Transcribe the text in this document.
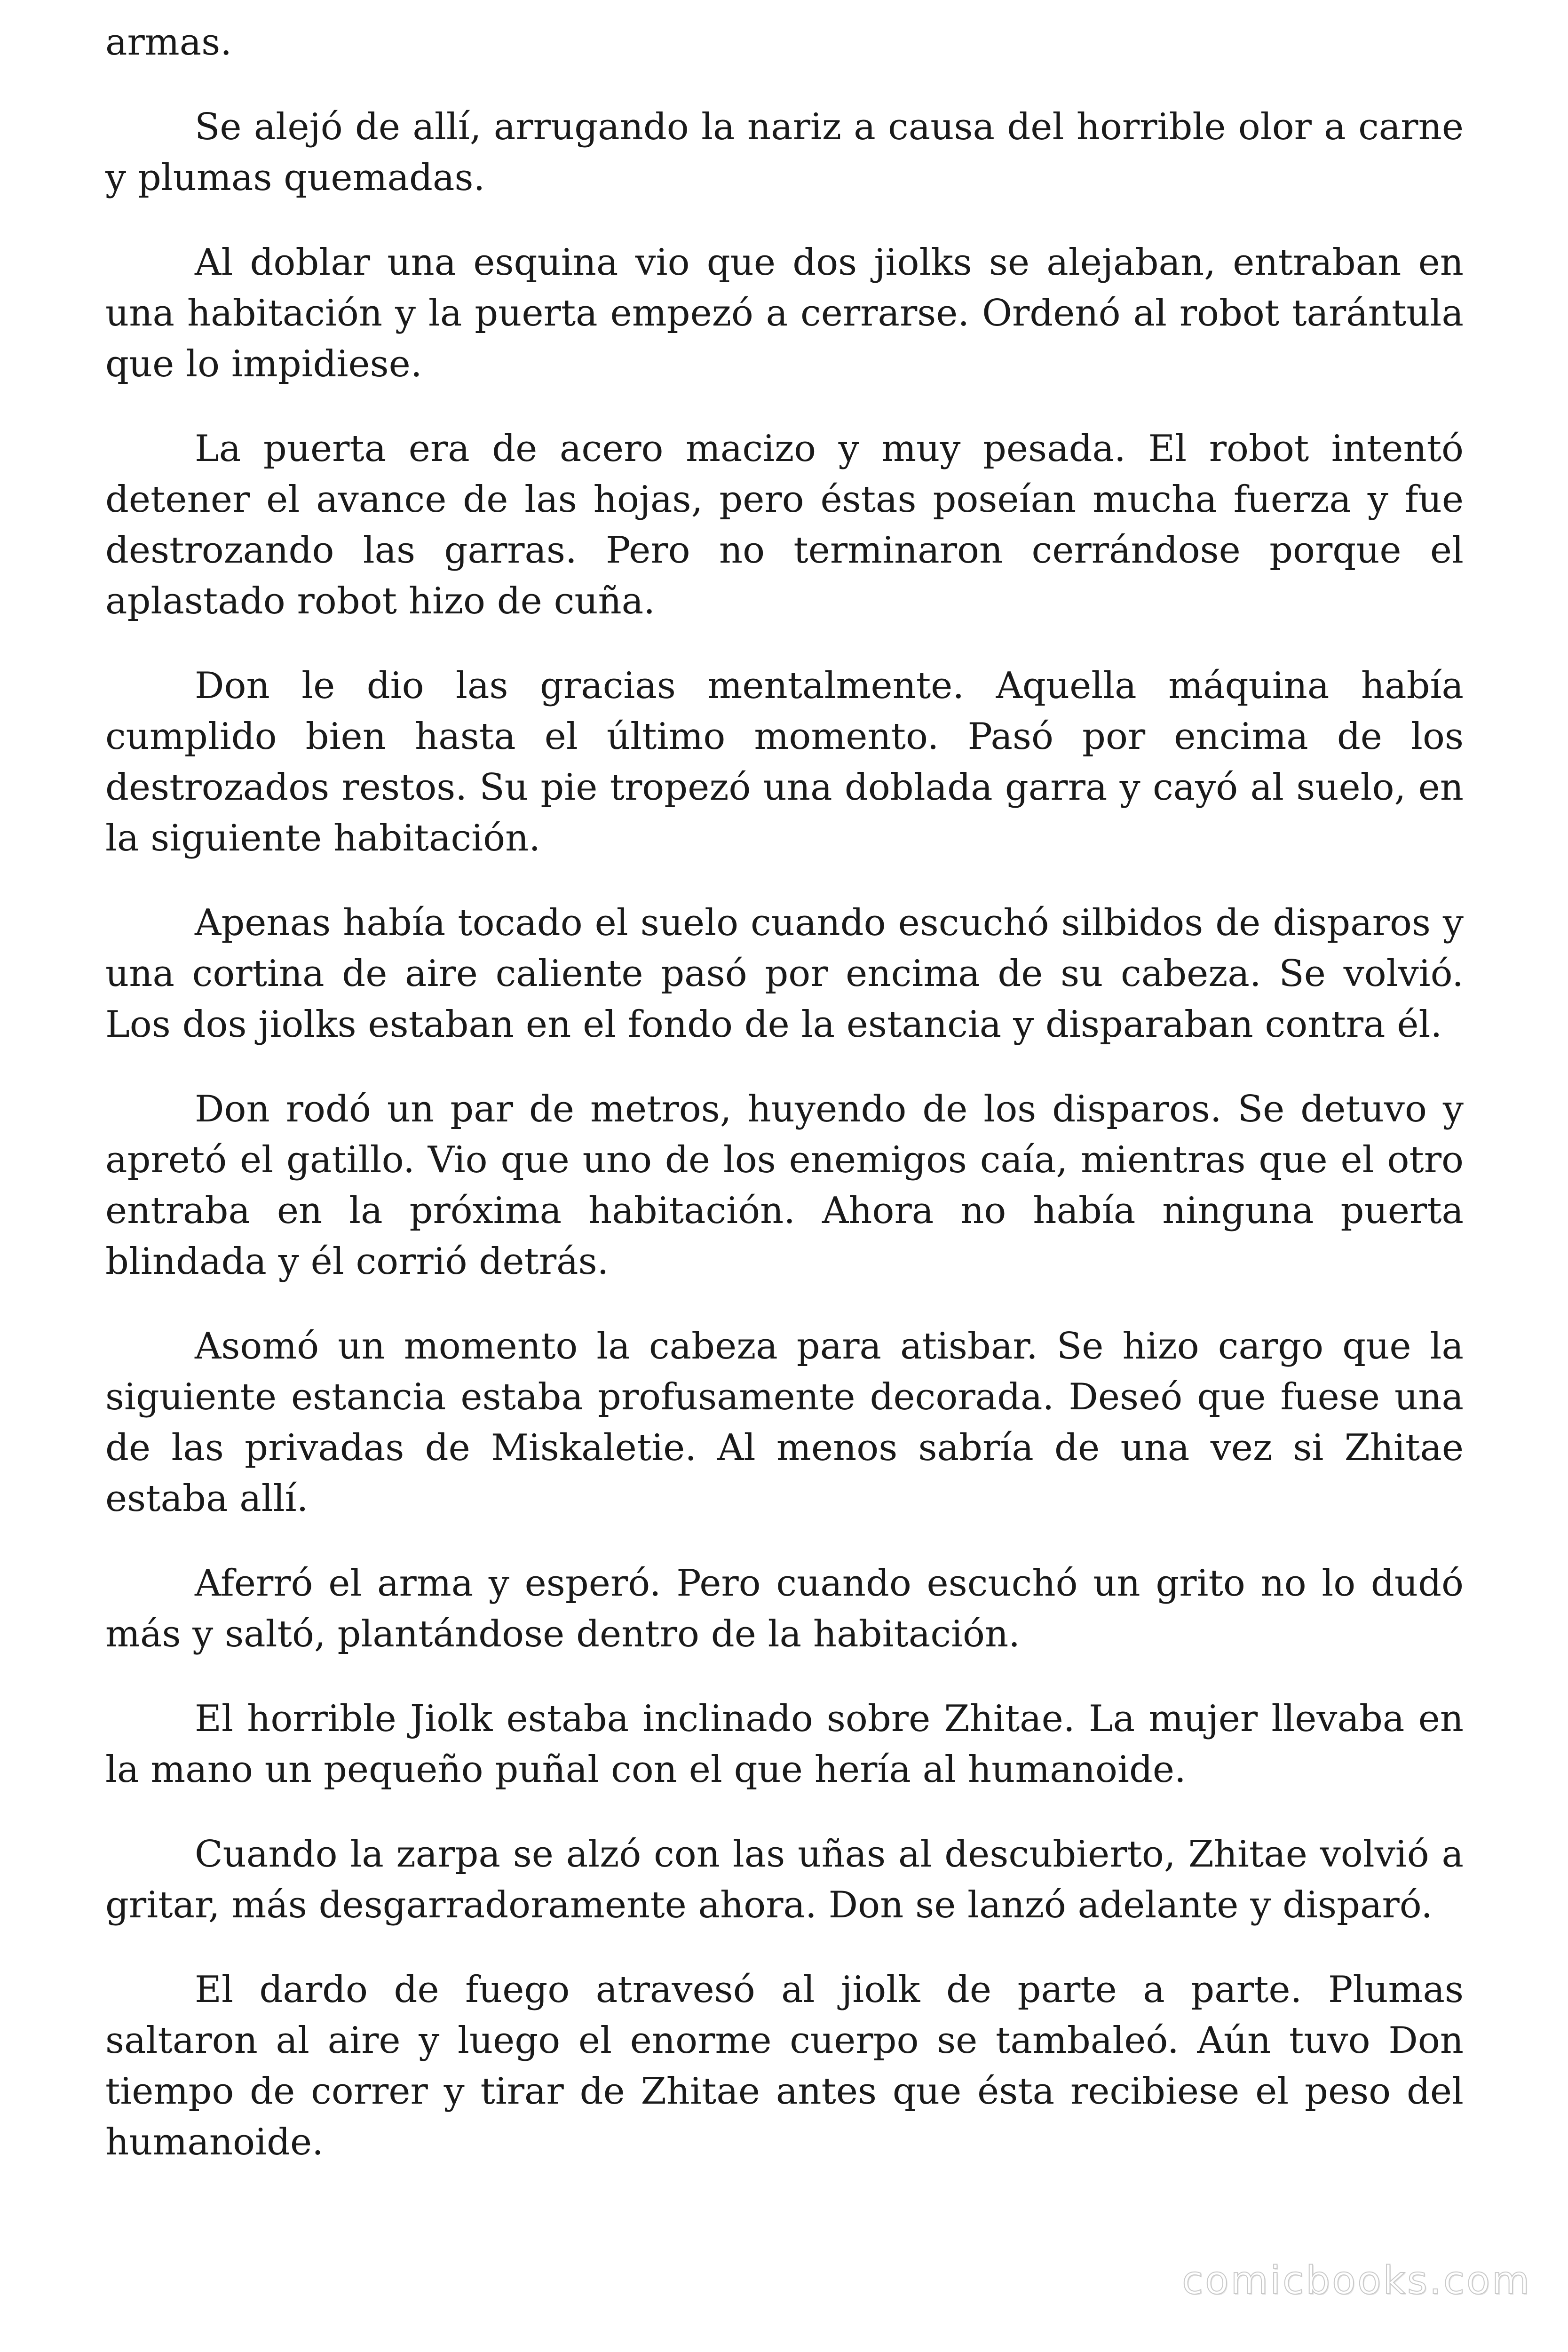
armas.

Se alejó de allí, arrugando la nariz a causa del horrible olor a carne y plumas quemadas.

Al doblar una esquina vio que dos jiolks se alejaban, entraban en una habitación y la puerta empezó a cerrarse. Ordenó al robot tarántula que lo impidiese.

La puerta era de acero macizo y muy pesada. El robot intentó detener el avance de las hojas, pero éstas poseían mucha fuerza y fue destrozando las garras. Pero no terminaron cerrándose porque el aplastado robot hizo de cuña.

Don le dio las gracias mentalmente. Aquella máquina había cumplido bien hasta el último momento. Pasó por encima de los destrozados restos. Su pie tropezó una doblada garra y cayó al suelo, en la siguiente habitación.

Apenas había tocado el suelo cuando escuchó silbidos de disparos y una cortina de aire caliente pasó por encima de su cabeza. Se volvió. Los dos jiolks estaban en el fondo de la estancia y disparaban contra él.

Don rodó un par de metros, huyendo de los disparos. Se detuvo y apretó el gatillo. Vio que uno de los enemigos caía, mientras que el otro entraba en la próxima habitación. Ahora no había ninguna puerta blindada y él corrió detrás.

Asomó un momento la cabeza para atisbar. Se hizo cargo que la siguiente estancia estaba profusamente decorada. Deseó que fuese una de las privadas de Miskaletie. Al menos sabría de una vez si Zhitae estaba allí.

Aferró el arma y esperó. Pero cuando escuchó un grito no lo dudó más y saltó, plantándose dentro de la habitación.

El horrible Jiolk estaba inclinado sobre Zhitae. La mujer llevaba en la mano un pequeño puñal con el que hería al humanoide.

Cuando la zarpa se alzó con las uñas al descubierto, Zhitae volvió a gritar, más desgarradoramente ahora. Don se lanzó adelante y disparó.

El dardo de fuego atravesó al jiolk de parte a parte. Plumas saltaron al aire y luego el enorme cuerpo se tambaleó. Aún tuvo Don tiempo de correr y tirar de Zhitae antes que ésta recibiese el peso del humanoide.

comicbooks.com
